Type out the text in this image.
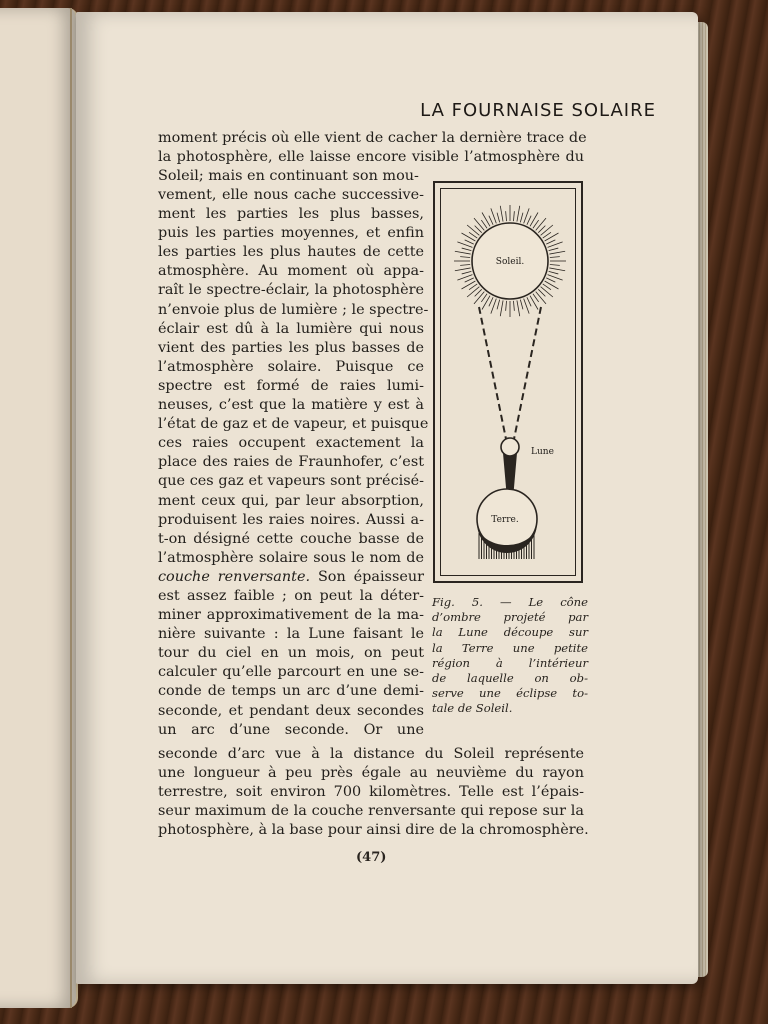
LA FOURNAISE SOLAIRE
moment précis où elle vient de cacher la dernière trace de
la photosphère, elle laisse encore visible l’atmosphère du
Soleil; mais en continuant son mou-
vement, elle nous cache successive-
ment les parties les plus basses,
puis les parties moyennes, et enfin
les parties les plus hautes de cette
atmosphère. Au moment où appa-
raît le spectre-éclair, la photosphère
n’envoie plus de lumière ; le spectre-
éclair est dû à la lumière qui nous
vient des parties les plus basses de
l’atmosphère solaire. Puisque ce
spectre est formé de raies lumi-
neuses, c’est que la matière y est à
l’état de gaz et de vapeur, et puisque
ces raies occupent exactement la
place des raies de Fraunhofer, c’est
que ces gaz et vapeurs sont précisé-
ment ceux qui, par leur absorption,
produisent les raies noires. Aussi a-
t-on désigné cette couche basse de
l’atmosphère solaire sous le nom de
couche renversante. Son épaisseur
est assez faible ; on peut la déter-
miner approximativement de la ma-
nière suivante : la Lune faisant le
tour du ciel en un mois, on peut
calculer qu’elle parcourt en une se-
conde de temps un arc d’une demi-
seconde, et pendant deux secondes
un arc d’une seconde. Or une
Soleil.
Lune
Terre.
Fig. 5. — Le cône
d’ombre projeté par
la Lune découpe sur
la Terre une petite
région à l’intérieur
de laquelle on ob-
serve une éclipse to-
tale de Soleil.
seconde d’arc vue à la distance du Soleil représente
une longueur à peu près égale au neuvième du rayon
terrestre, soit environ 700 kilomètres. Telle est l’épais-
seur maximum de la couche renversante qui repose sur la
photosphère, à la base pour ainsi dire de la chromosphère.
(47)
